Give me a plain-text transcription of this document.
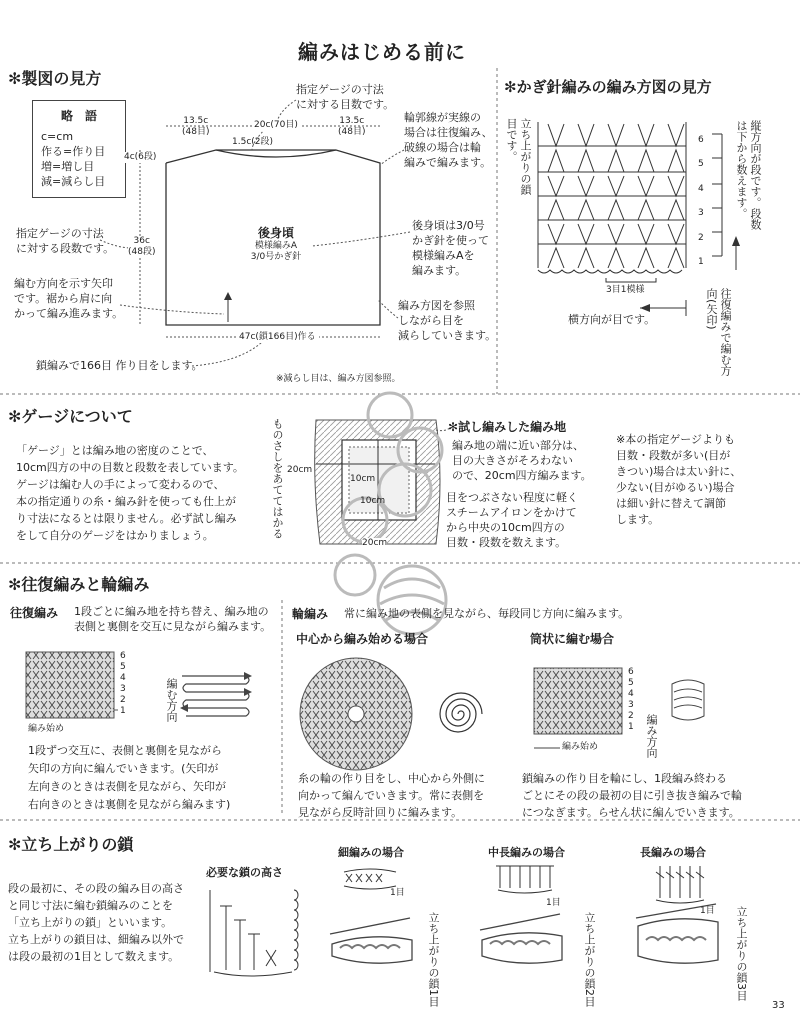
編みはじめる前に
✻製図の見方
略　語
c=cm
作る=作り目
増=増し目
減=減らし目
指定ゲージの寸法
に対する目数です。
13.5c
(48目)
20c(70目)	13.5c
(48目)
1.5c(2段)
4c(6段)
36c
(48段)
輪郭線が実線の
場合は往復編み、
破線の場合は輪
編みで編みます。
後身頃
模様編みA
3/0号かぎ針
指定ゲージの寸法
に対する段数です。
後身頃は3/0号
かぎ針を使って
模様編みAを
編みます。
編む方向を示す矢印
です。裾から肩に向
かって編み進みます。
編み方図を参照
しながら目を
減らしていきます。
47c(鎖166目)作る
鎖編みで166目 作り目をします。
※減らし目は、編み方図参照。
✻かぎ針編みの編み方図の見方
立ち上がりの鎖目です。	6
5
4
3
2
1
縦方向が段です。段数は下から数えます。
3目1模様
横方向が目です。	往復編みで編む方向(矢印)
✻ゲージについて
「ゲージ」とは編み地の密度のことで、
10cm四方の中の目数と段数を表しています。
ゲージは編む人の手によって変わるので、
本の指定通りの糸・編み針を使っても仕上が
り寸法になるとは限りません。必ず試し編み
をして自分のゲージをはかりましょう。	ものさしをあててはかる 20cm
10cm
10cm
20cm
✻試し編みした編み地
編み地の端に近い部分は、
目の大きさがそろわない
ので、20cm四方編みます。
目をつぶさない程度に軽く
スチームアイロンをかけて
から中央の10cm四方の
目数・段数を数えます。
※本の指定ゲージよりも
目数・段数が多い(目が
きつい)場合は太い針に、
少ない(目がゆるい)場合
は細い針に替えて調節
します。
✻往復編みと輪編み
往復編み 1段ごとに編み地を持ち替え、編み地の
表側と裏側を交互に見ながら編みます。
6
5
4
3
2
1
編み始め
編む方向
1段ずつ交互に、表側と裏側を見ながら
矢印の方向に編んでいきます。(矢印が
左向きのときは表側を見ながら、矢印が
右向きのときは裏側を見ながら編みます)
輪編み 常に編み地の表側を見ながら、毎段同じ方向に編みます。
中心から編み始める場合	筒状に編む場合
糸の輪の作り目をし、中心から外側に
向かって編んでいきます。常に表側を
見ながら反時計回りに編みます。
6
5
4
3
2
1
編み始め	編み方向
鎖編みの作り目を輪にし、1段編み終わる
ごとにその段の最初の目に引き抜き編みで輪
につなぎます。らせん状に編んでいきます。
✻立ち上がりの鎖
段の最初に、その段の編み目の高さ
と同じ寸法に編む鎖編みのことを
「立ち上がりの鎖」といいます。
立ち上がりの鎖目は、細編み以外で
は段の最初の1目として数えます。
必要な鎖の高さ
細編みの場合	中長編みの場合	長編みの場合
1目
1目
1目
立ち上がりの鎖1目	立ち上がりの鎖2目	立ち上がりの鎖3目
33
